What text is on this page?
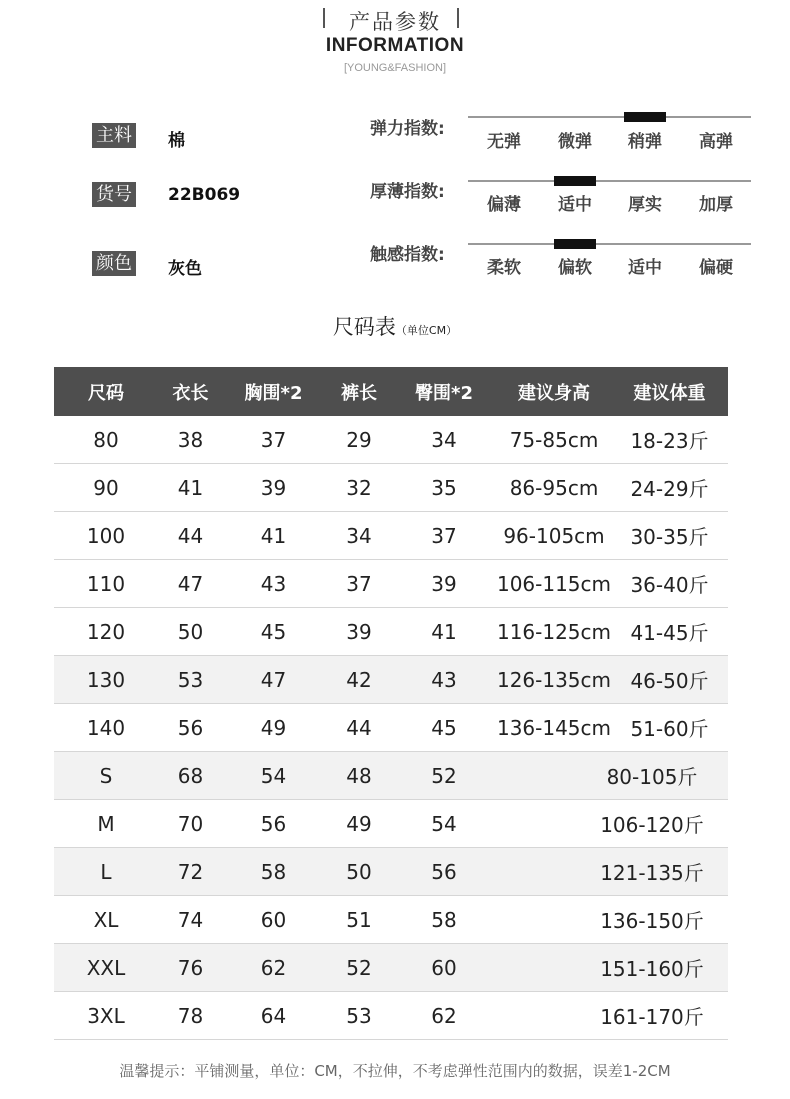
产品参数
INFORMATION
[YOUNG&FASHION]
主料 棉
货号 22B069
颜色 灰色
弹力指数:
无弹	微弹	稍弹	高弹
厚薄指数:
偏薄	适中	厚实	加厚
触感指数:
柔软	偏软	适中	偏硬
尺码表（单位CM）
尺码	衣长	胸围*2	裤长	臀围*2	建议身高	建议体重
80	38	37	29	34	75-85cm	18-23斤
90	41	39	32	35	86-95cm	24-29斤
100	44	41	34	37	96-105cm	30-35斤
110	47	43	37	39	106-115cm 36-40斤
120	50	45	39	41	116-125cm 41-45斤
130	53	47	42	43	126-135cm 46-50斤
140	56	49	44	45	136-145cm 51-60斤
S	68	54	48	52	80-105斤
M	70	56	49	54	106-120斤
L	72	58	50	56	121-135斤
XL	74	60	51	58	136-150斤
XXL	76	62	52	60	151-160斤
3XL	78	64	53	62	161-170斤
温馨提示：平铺测量，单位：CM，不拉伸，不考虑弹性范围内的数据，误差1-2CM
